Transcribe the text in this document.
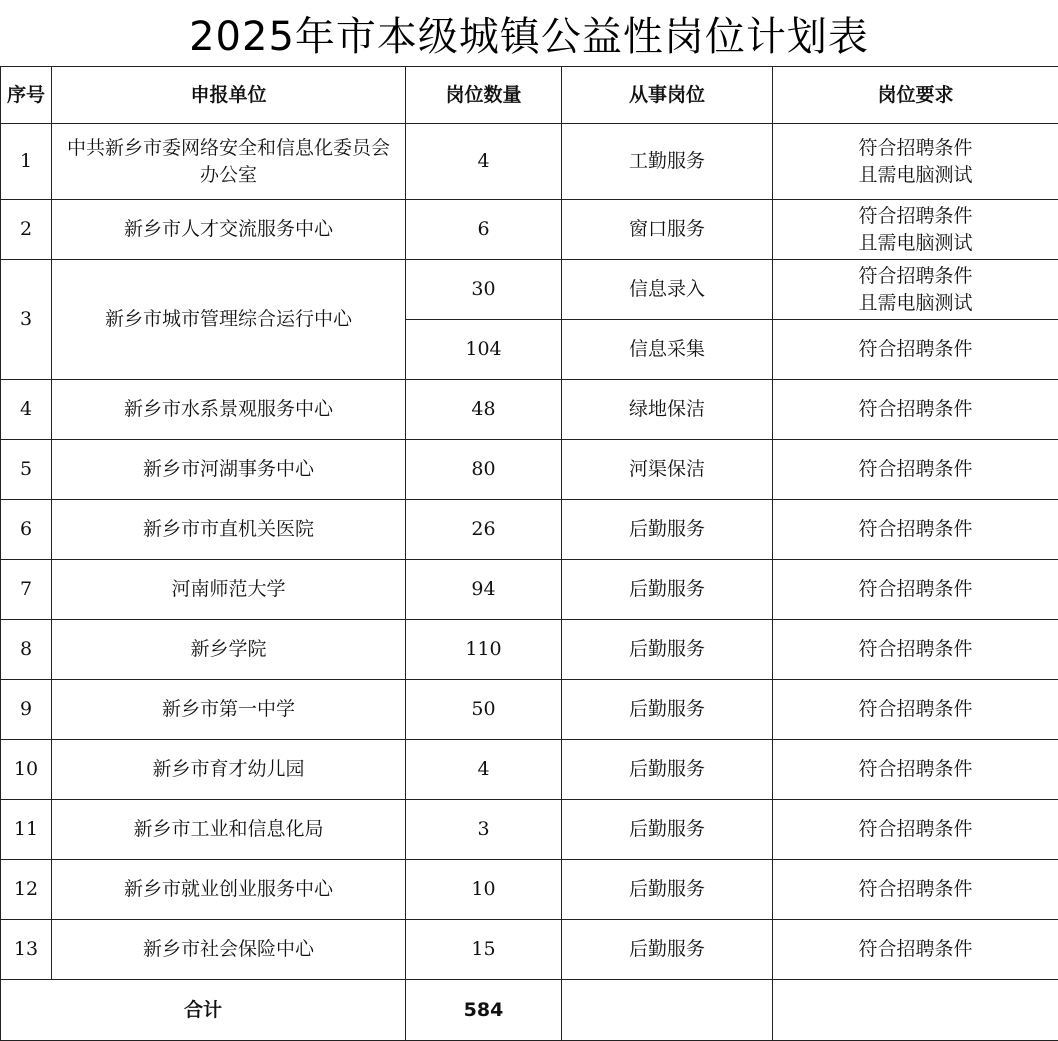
2025年市本级城镇公益性岗位计划表
序号	申报单位	岗位数量	从事岗位	岗位要求
1	中共新乡市委网络安全和信息化委员会办公室	4	工勤服务	符合招聘条件
且需电脑测试

2	新乡市人才交流服务中心	6	窗口服务	符合招聘条件
且需电脑测试

3	新乡市城市管理综合运行中心	30	信息录入	符合招聘条件
且需电脑测试

		104	信息采集	符合招聘条件
4	新乡市水系景观服务中心	48	绿地保洁	符合招聘条件
5	新乡市河湖事务中心	80	河渠保洁	符合招聘条件
6	新乡市市直机关医院	26	后勤服务	符合招聘条件
7	河南师范大学	94	后勤服务	符合招聘条件
8	新乡学院	110	后勤服务	符合招聘条件
9	新乡市第一中学	50	后勤服务	符合招聘条件
10	新乡市育才幼儿园	4	后勤服务	符合招聘条件
11	新乡市工业和信息化局	3	后勤服务	符合招聘条件
12	新乡市就业创业服务中心	10	后勤服务	符合招聘条件
13	新乡市社会保险中心	15	后勤服务	符合招聘条件
合计		584		
